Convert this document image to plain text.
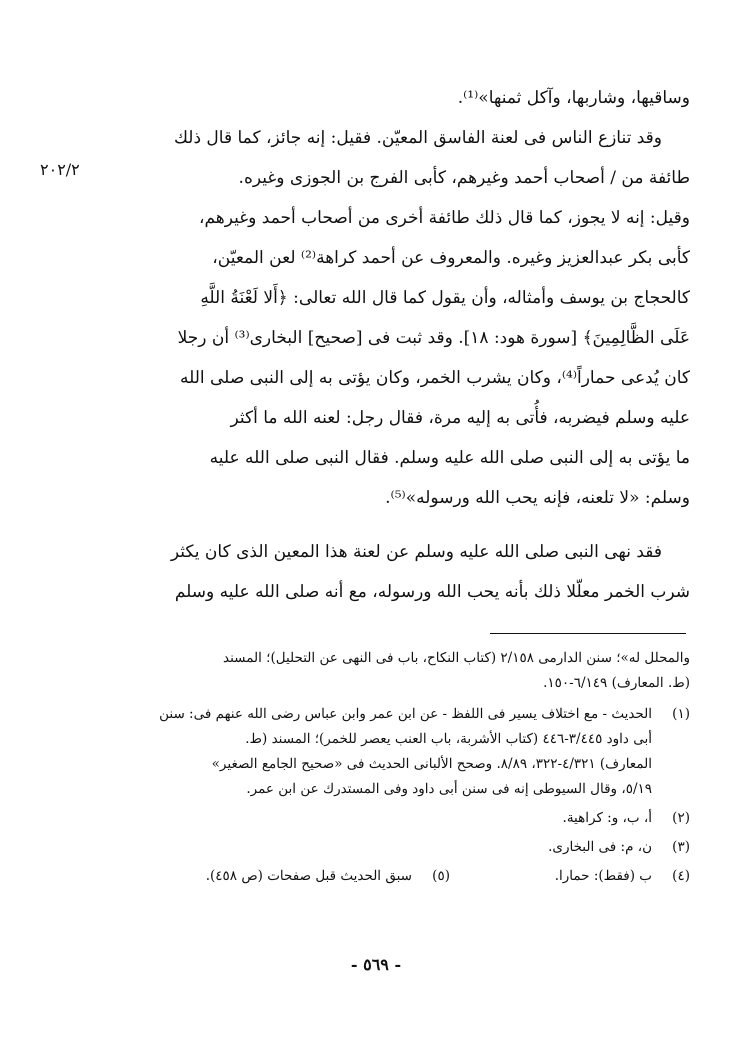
٢٠٢/٢
وساقيها، وشاربها، وآكل ثمنها»⁽¹⁾.
وقد تنازع الناس فى لعنة الفاسق المعيّن. فقيل: إنه جائز، كما قال ذلك
طائفة من / أصحاب أحمد وغيرهم، كأبى الفرج بن الجوزى وغيره.
وقيل: إنه لا يجوز، كما قال ذلك طائفة أخرى من أصحاب أحمد وغيرهم،
كأبى بكر عبدالعزيز وغيره. والمعروف عن أحمد كراهة⁽²⁾ لعن المعيّن،
كالحجاج بن يوسف وأمثاله، وأن يقول كما قال الله تعالى: ﴿أَلا لَعْنَةُ اللَّهِ
عَلَى الظَّالِمِينَ﴾ [سورة هود: ١٨]. وقد ثبت فى [صحيح] البخارى⁽³⁾ أن رجلا
كان يُدعى حماراً⁽⁴⁾، وكان يشرب الخمر، وكان يؤتى به إلى النبى صلى الله
عليه وسلم فيضربه، فأُتى به إليه مرة، فقال رجل: لعنه الله ما أكثر
ما يؤتى به إلى النبى صلى الله عليه وسلم. فقال النبى صلى الله عليه
وسلم: «لا تلعنه، فإنه يحب الله ورسوله»⁽⁵⁾.
فقد نهى النبى صلى الله عليه وسلم عن لعنة هذا المعين الذى كان يكثر
شرب الخمر معلّلا ذلك بأنه يحب الله ورسوله، مع أنه صلى الله عليه وسلم
والمحلل له»؛ سنن الدارمى ٢/١٥٨ (كتاب النكاح، باب فى النهى عن التحليل)؛ المسند
(ط. المعارف) ٦/١٤٩-١٥٠.
(١)
الحديث - مع اختلاف يسير فى اللفظ - عن ابن عمر وابن عباس رضى الله عنهم فى: سنن
أبى داود ٣/٤٤٥-٤٤٦ (كتاب الأشربة، باب العنب يعصر للخمر)؛ المسند (ط.
المعارف) ٤/٣٢١-٣٢٢، ٨/٨٩. وصحح الألبانى الحديث فى «صحيح الجامع الصغير»
٥/١٩، وقال السيوطى إنه فى سنن أبى داود وفى المستدرك عن ابن عمر.
(٢)
أ، ب، و: كراهية.
(٣)
ن، م: فى البخارى.
(٤)
ب (فقط): حمارا.
(٥)
سبق الحديث قبل صفحات (ص ٤٥٨).
- ٥٦٩ -
